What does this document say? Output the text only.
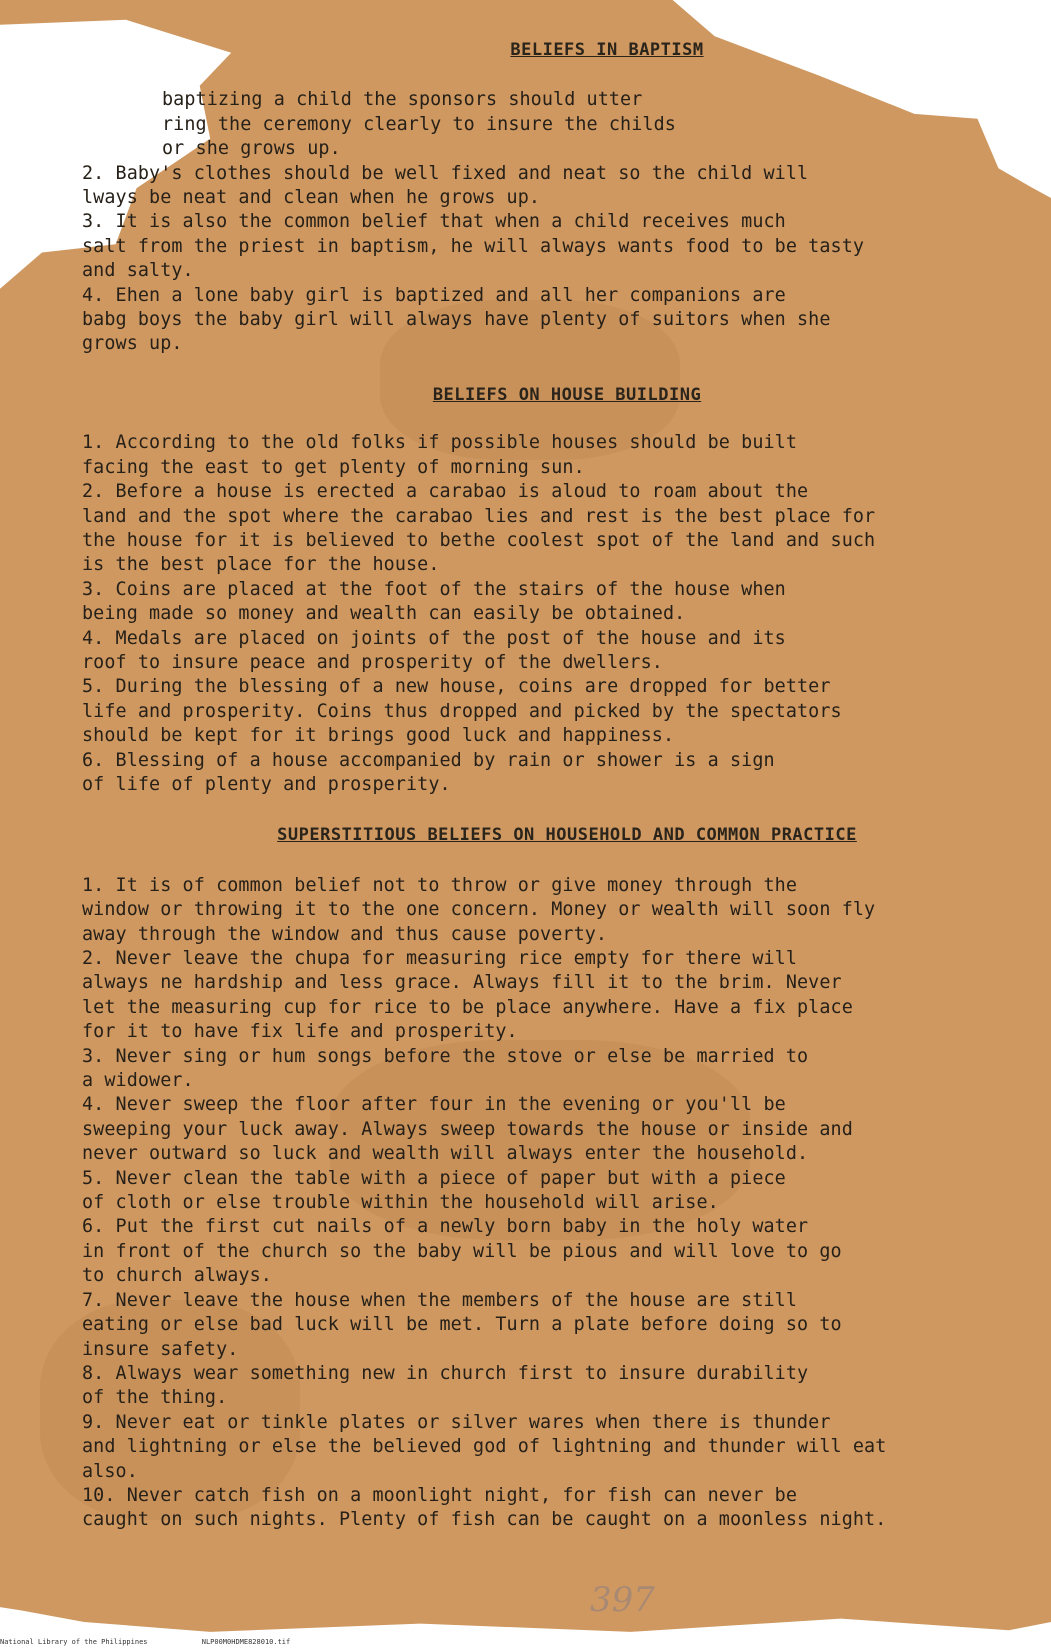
BELIEFS IN BAPTISM
baptizing a child the sponsors should utter
ring the ceremony clearly to insure the childs
or she grows up.
2. Baby's clothes should be well fixed and neat so the child will
lways be neat and clean when he grows up.
3. It is also the common belief that when a child receives much
salt from the priest in baptism, he will always wants food to be tasty
and salty.
4. Ehen a lone baby girl is baptized and all her companions are
babg boys the baby girl will always have plenty of suitors when she
grows up.
BELIEFS ON HOUSE BUILDING
1. According to the old folks if possible houses should be built
facing the east to get plenty of morning sun.
2. Before a house is erected a carabao is aloud to roam about the
land and the spot where the carabao lies and rest is the best place for
the house for it is believed to bethe coolest spot of the land and such
is the best place for the house.
3. Coins are placed at the foot of the stairs of the house when
being made so money and wealth can easily be obtained.
4. Medals are placed on joints of the post of the house and its
roof to insure peace and prosperity of the dwellers.
5. During the blessing of a new house, coins are dropped for better
life and prosperity. Coins thus dropped and picked by the spectators
should be kept for it brings good luck and happiness.
6. Blessing of a house accompanied by rain or shower is a sign
of life of plenty and prosperity.
SUPERSTITIOUS BELIEFS ON HOUSEHOLD AND COMMON PRACTICE
1. It is of common belief not to throw or give money through the
window or throwing it to the one concern. Money or wealth will soon fly
away through the window and thus cause poverty.
2. Never leave the chupa for measuring rice empty for there will
always ne hardship and less grace. Always fill it to the brim. Never
let the measuring cup for rice to be place anywhere. Have a fix place
for it to have fix life and prosperity.
3. Never sing or hum songs before the stove or else be married to
a widower.
4. Never sweep the floor after four in the evening or you'll be
sweeping your luck away. Always sweep towards the house or inside and
never outward so luck and wealth will always enter the household.
5. Never clean the table with a piece of paper but with a piece
of cloth or else trouble within the household will arise.
6. Put the first cut nails of a newly born baby in the holy water
in front of the church so the baby will be pious and will love to go
to church always.
7. Never leave the house when the members of the house are still
eating or else bad luck will be met. Turn a plate before doing so to
insure safety.
8. Always wear something new in church first to insure durability
of the thing.
9. Never eat or tinkle plates or silver wares when there is thunder
and lightning or else the believed god of lightning and thunder will eat
also.
10. Never catch fish on a moonlight night, for fish can never be
caught on such nights. Plenty of fish can be caught on a moonless night.
397
National Library of the Philippines	NLP00M0HDME828010.tif
